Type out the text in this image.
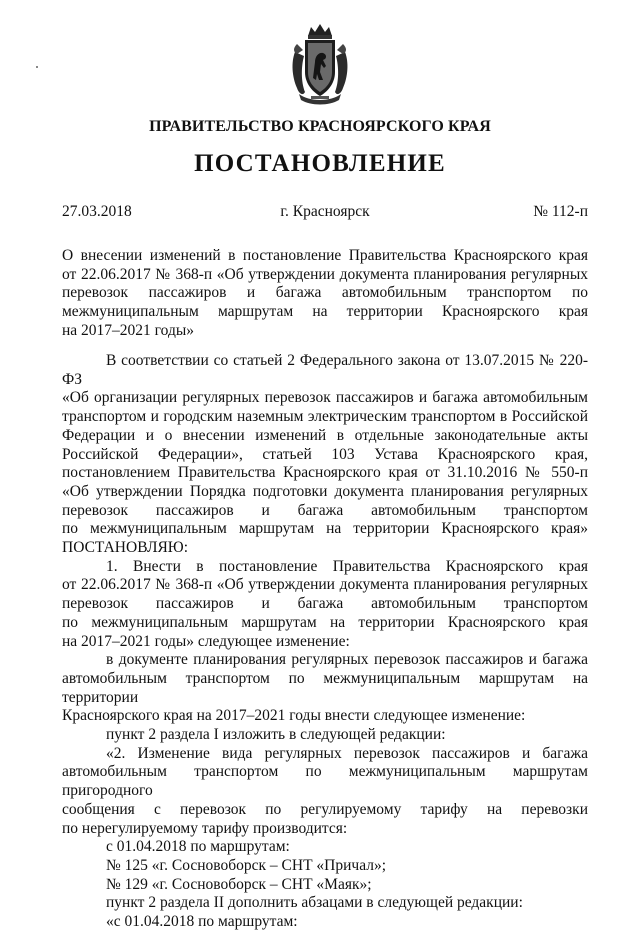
ПРАВИТЕЛЬСТВО КРАСНОЯРСКОГО КРАЯ
ПОСТАНОВЛЕНИЕ
27.03.2018	г. Красноярск	№ 112-п
О внесении изменений в постановление Правительства Красноярского края
от 22.06.2017 № 368-п «Об утверждении документа планирования регулярных
перевозок пассажиров и багажа автомобильным транспортом по
межмуниципальным маршрутам на территории Красноярского края
на 2017–2021 годы»
В соответствии со статьей 2 Федерального закона от 13.07.2015 № 220-ФЗ
«Об организации регулярных перевозок пассажиров и багажа автомобильным
транспортом и городским наземным электрическим транспортом в Российской
Федерации и о внесении изменений в отдельные законодательные акты
Российской Федерации», статьей 103 Устава Красноярского края,
постановлением Правительства Красноярского края от 31.10.2016 № 550-п
«Об утверждении Порядка подготовки документа планирования регулярных
перевозок пассажиров и багажа автомобильным транспортом
по межмуниципальным маршрутам на территории Красноярского края»
ПОСТАНОВЛЯЮ:
1. Внести в постановление Правительства Красноярского края
от 22.06.2017 № 368-п «Об утверждении документа планирования регулярных
перевозок пассажиров и багажа автомобильным транспортом
по межмуниципальным маршрутам на территории Красноярского края
на 2017–2021 годы» следующее изменение:
в документе планирования регулярных перевозок пассажиров и багажа
автомобильным транспортом по межмуниципальным маршрутам на территории
Красноярского края на 2017–2021 годы внести следующее изменение:
пункт 2 раздела I изложить в следующей редакции:
«2. Изменение вида регулярных перевозок пассажиров и багажа
автомобильным транспортом по межмуниципальным маршрутам пригородного
сообщения с перевозок по регулируемому тарифу на перевозки
по нерегулируемому тарифу производится:
с 01.04.2018 по маршрутам:
№ 125 «г. Сосновоборск – СНТ «Причал»;
№ 129 «г. Сосновоборск – СНТ «Маяк»;
пункт 2 раздела II дополнить абзацами в следующей редакции:
«с 01.04.2018 по маршрутам:
